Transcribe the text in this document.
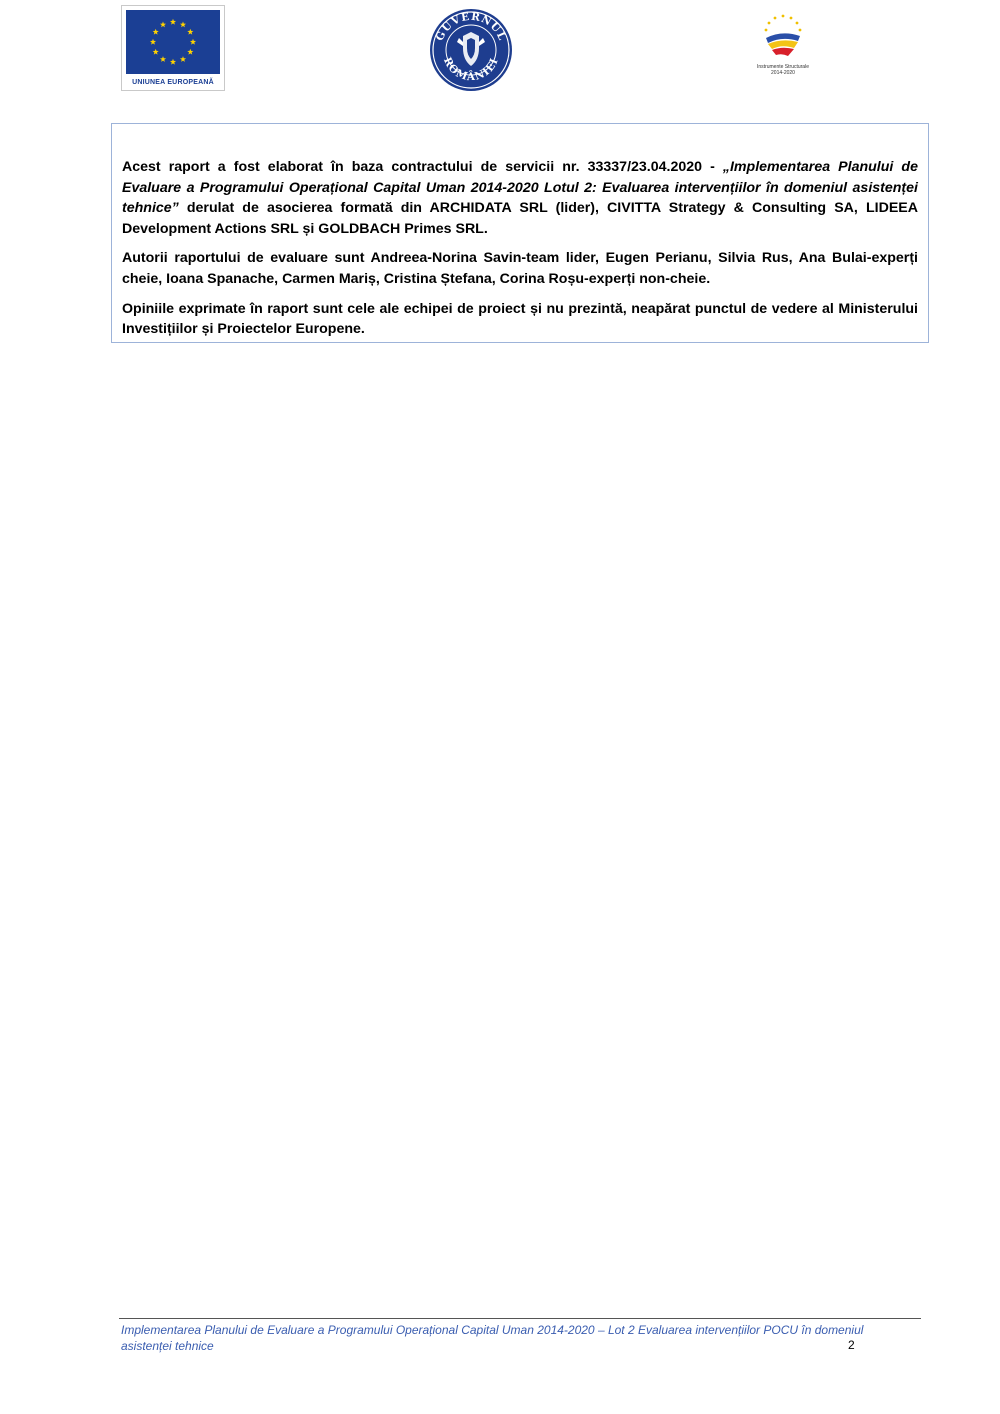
UNIUNEA EUROPEANĂ
GUVERNUL
ROMÂNIEI
Instrumente Structurale
2014-2020

Acest raport a fost elaborat în baza contractului de servicii nr. 33337/23.04.2020 - „Implementarea Planului de Evaluare a Programului Operațional Capital Uman 2014-2020 Lotul 2: Evaluarea intervențiilor în domeniul asistenței tehnice” derulat de asocierea formată din ARCHIDATA SRL (lider), CIVITTA Strategy & Consulting SA, LIDEEA Development Actions SRL și GOLDBACH Primes SRL.

Autorii raportului de evaluare sunt Andreea-Norina Savin-team lider, Eugen Perianu, Silvia Rus, Ana Bulai-experți cheie, Ioana Spanache, Carmen Mariș, Cristina Ștefana, Corina Roșu-experți non-cheie.

Opiniile exprimate în raport sunt cele ale echipei de proiect și nu prezintă, neapărat punctul de vedere al Ministerului Investițiilor și Proiectelor Europene.

Implementarea Planului de Evaluare a Programului Operațional Capital Uman 2014-2020 – Lot 2 Evaluarea intervențiilor POCU în domeniul asistenței tehnice	2
